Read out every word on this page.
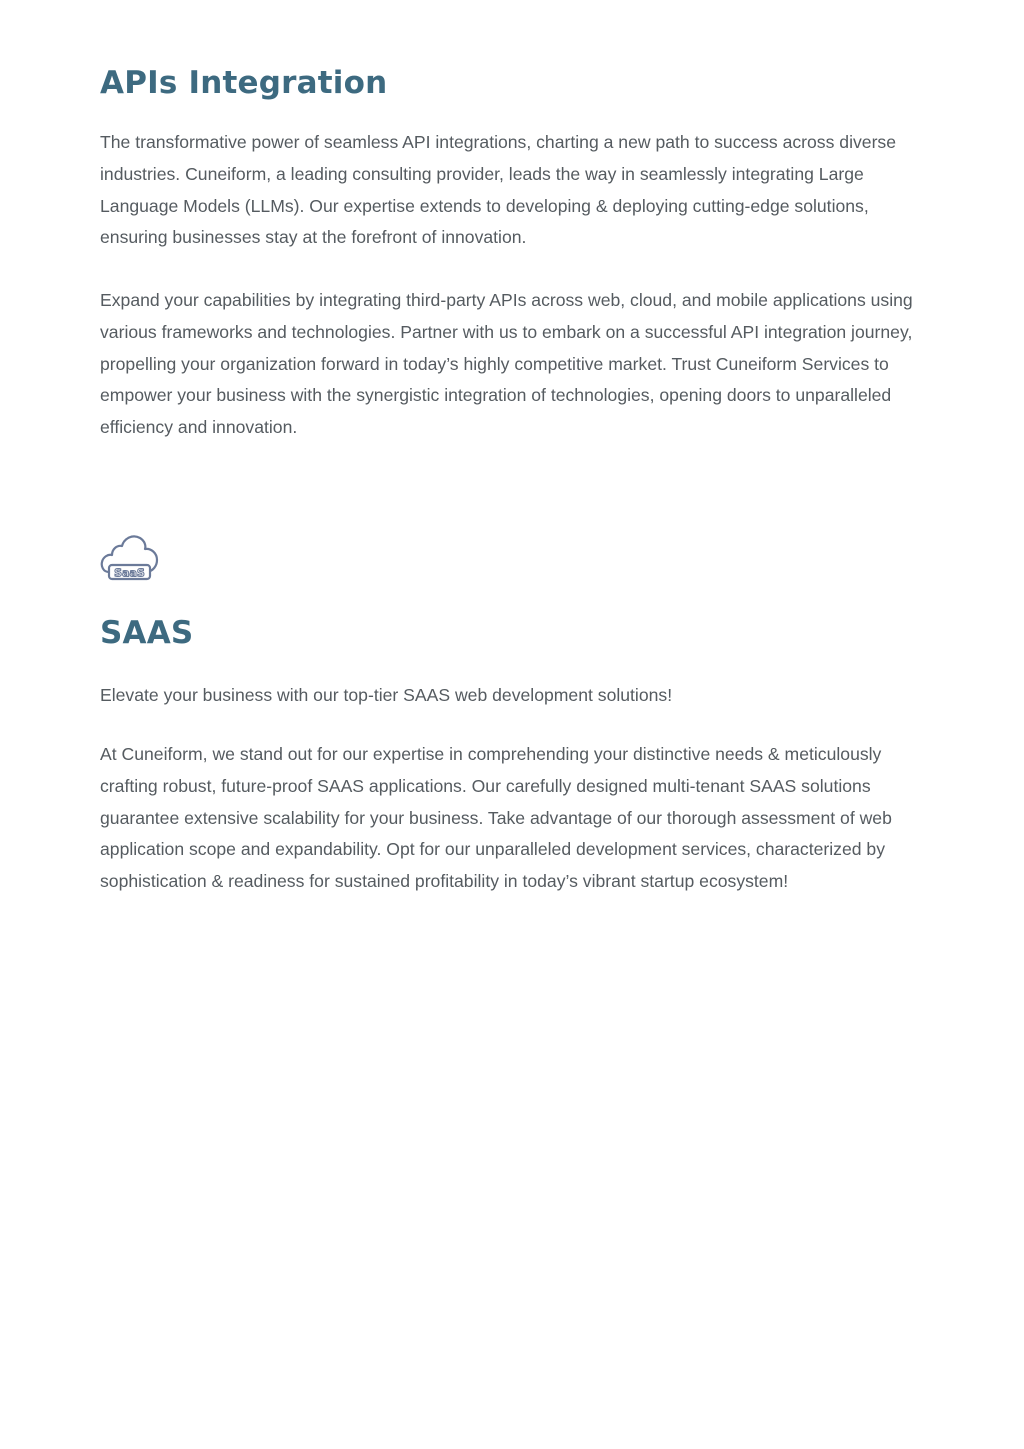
APIs Integration

The transformative power of seamless API integrations, charting a new path to success across diverse industries. Cuneiform, a leading consulting provider, leads the way in seamlessly integrating Large Language Models (LLMs). Our expertise extends to developing & deploying cutting-edge solutions, ensuring businesses stay at the forefront of innovation.

Expand your capabilities by integrating third-party APIs across web, cloud, and mobile applications using various frameworks and technologies. Partner with us to embark on a successful API integration journey, propelling your organization forward in today’s highly competitive market. Trust Cuneiform Services to empower your business with the synergistic integration of technologies, opening doors to unparalleled efficiency and innovation.

SaaS
SAAS

Elevate your business with our top-tier SAAS web development solutions!

At Cuneiform, we stand out for our expertise in comprehending your distinctive needs & meticulously crafting robust, future-proof SAAS applications. Our carefully designed multi-tenant SAAS solutions guarantee extensive scalability for your business. Take advantage of our thorough assessment of web application scope and expandability. Opt for our unparalleled development services, characterized by sophistication & readiness for sustained profitability in today’s vibrant startup ecosystem!
